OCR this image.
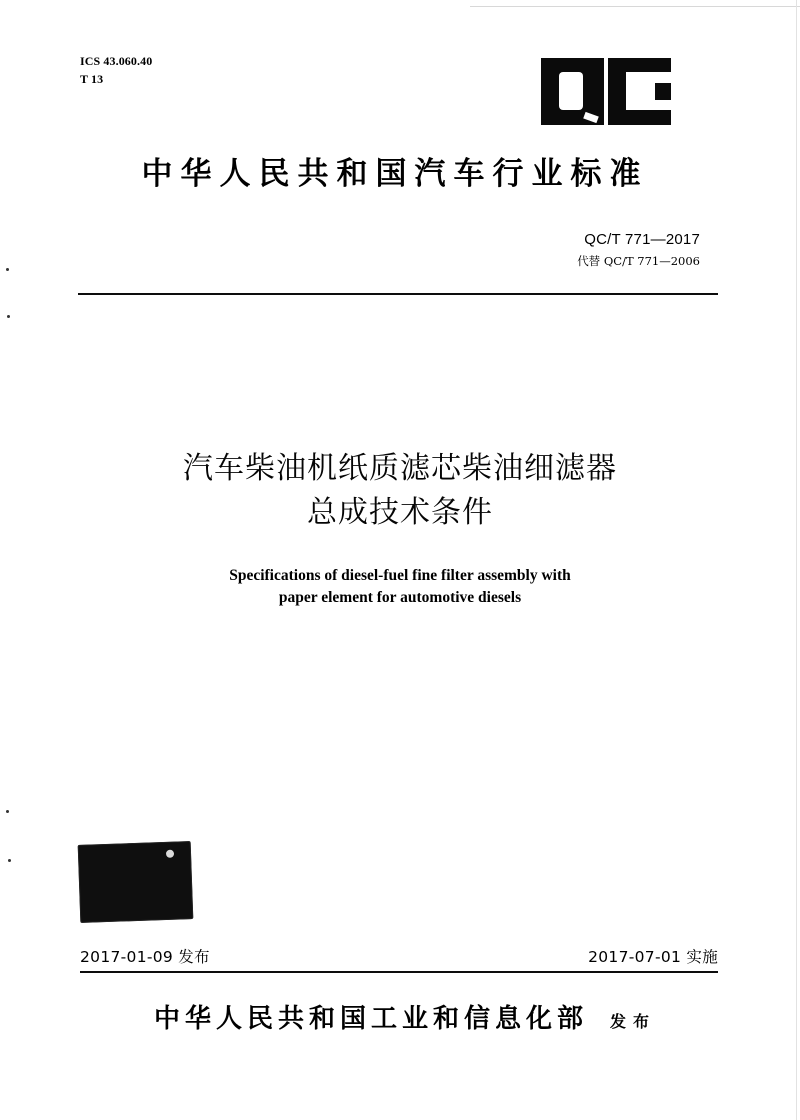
ICS 43.060.40
T 13
中华人民共和国汽车行业标准
QC/T 771—2017
代替 QC/T 771—2006
汽车柴油机纸质滤芯柴油细滤器
总成技术条件
Specifications of diesel-fuel fine filter assembly with
paper element for automotive diesels
2017-01-09 发布	2017-07-01 实施
中华人民共和国工业和信息化部 发布
